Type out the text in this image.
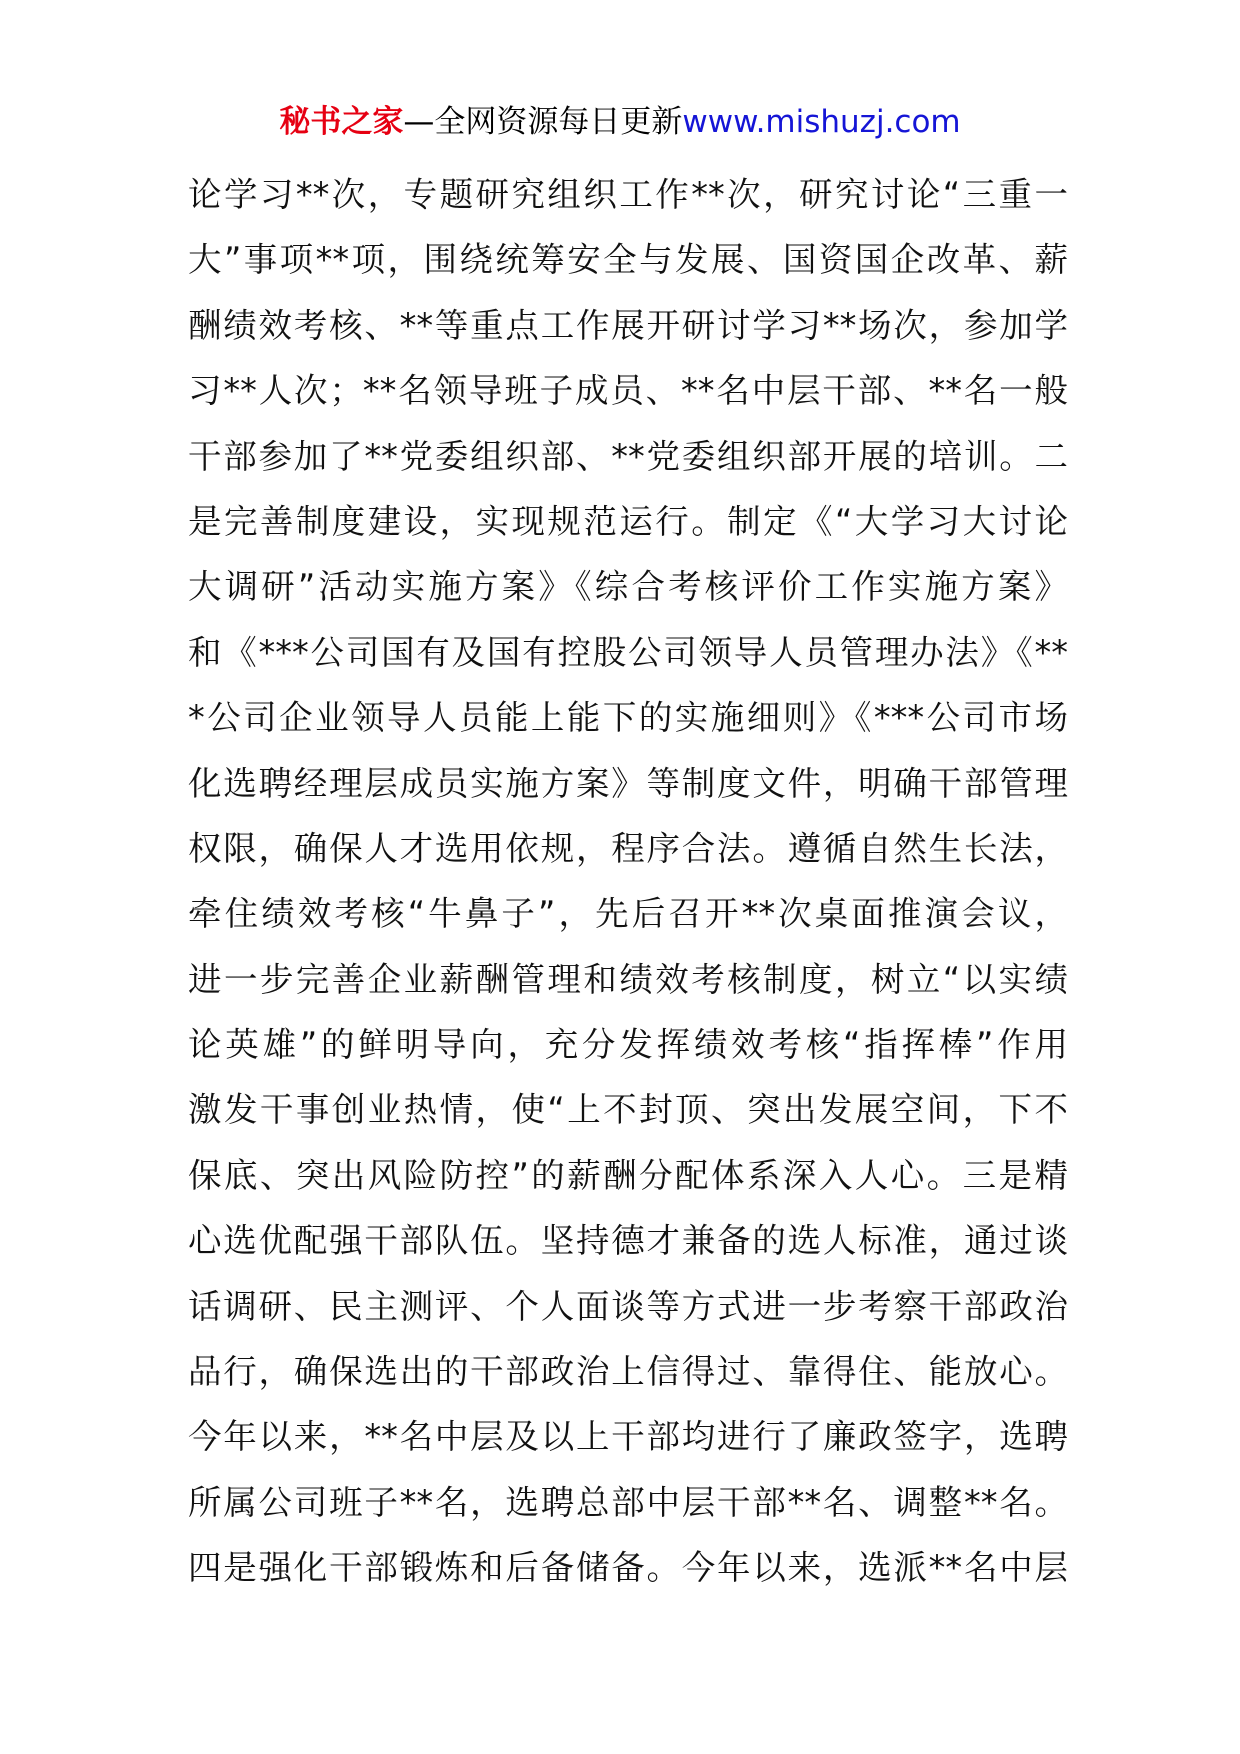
秘书之家—全网资源每日更新www.mishuzj.com
论学习**次，专题研究组织工作**次，研究讨论“三重一
大”事项**项，围绕统筹安全与发展、国资国企改革、薪
酬绩效考核、**等重点工作展开研讨学习**场次，参加学
习**人次；**名领导班子成员、**名中层干部、**名一般
干部参加了**党委组织部、**党委组织部开展的培训。二
是完善制度建设，实现规范运行。制定《“大学习大讨论
大调研”活动实施方案》《综合考核评价工作实施方案》
和《***公司国有及国有控股公司领导人员管理办法》《**
*公司企业领导人员能上能下的实施细则》《***公司市场
化选聘经理层成员实施方案》等制度文件，明确干部管理
权限，确保人才选用依规，程序合法。遵循自然生长法，
牵住绩效考核“牛鼻子”，先后召开**次桌面推演会议，
进一步完善企业薪酬管理和绩效考核制度，树立“以实绩
论英雄”的鲜明导向，充分发挥绩效考核“指挥棒”作用
激发干事创业热情，使“上不封顶、突出发展空间，下不
保底、突出风险防控”的薪酬分配体系深入人心。三是精
心选优配强干部队伍。坚持德才兼备的选人标准，通过谈
话调研、民主测评、个人面谈等方式进一步考察干部政治
品行，确保选出的干部政治上信得过、靠得住、能放心。
今年以来，**名中层及以上干部均进行了廉政签字，选聘
所属公司班子**名，选聘总部中层干部**名、调整**名。
四是强化干部锻炼和后备储备。今年以来，选派**名中层
